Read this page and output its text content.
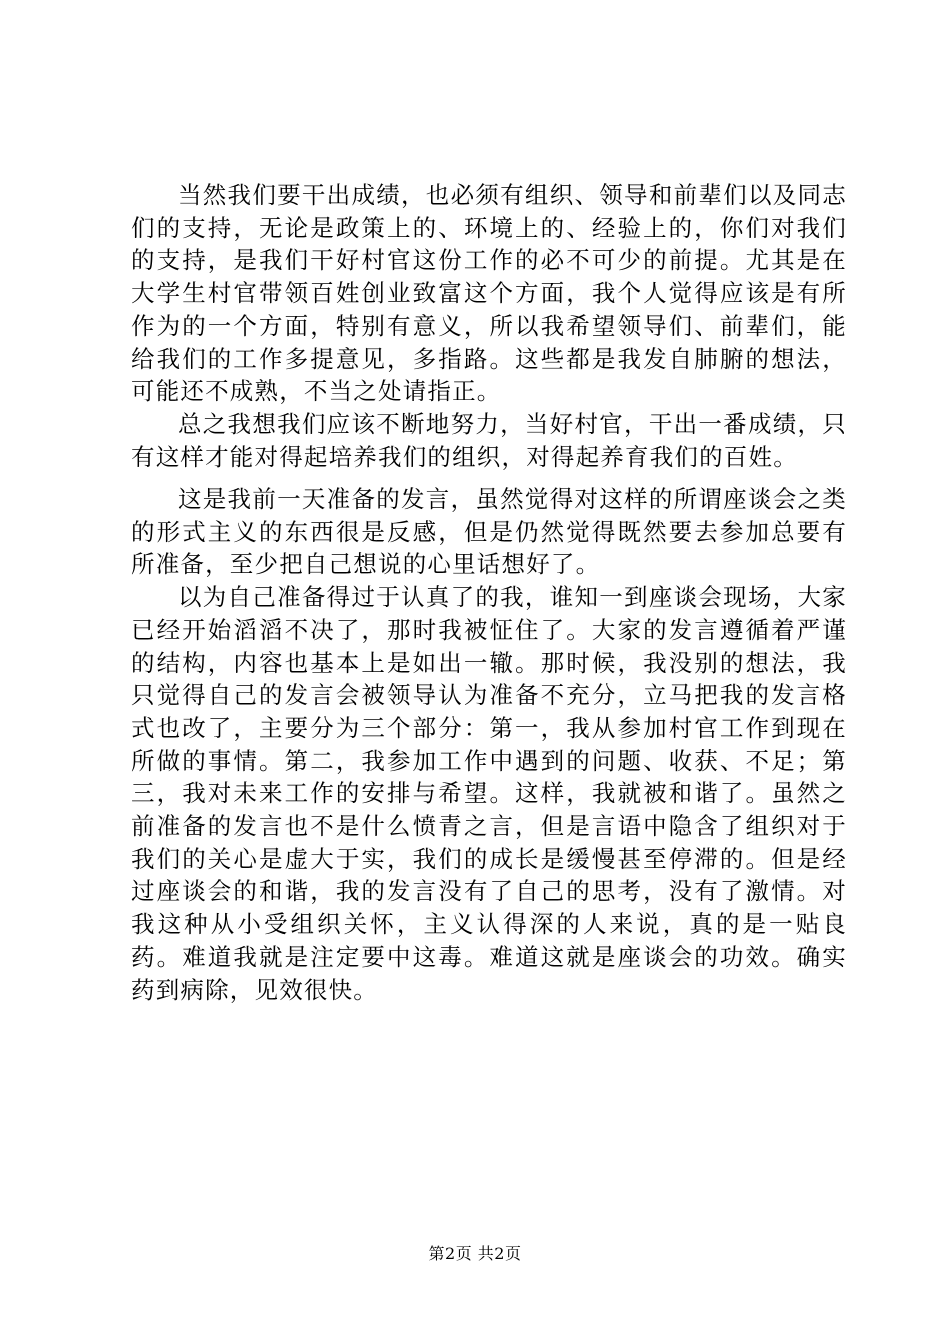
当然我们要干出成绩，也必须有组织、领导和前辈们以及同志们的支持，无论是政策上的、环境上的、经验上的，你们对我们的支持，是我们干好村官这份工作的必不可少的前提。尤其是在大学生村官带领百姓创业致富这个方面，我个人觉得应该是有所作为的一个方面，特别有意义，所以我希望领导们、前辈们，能给我们的工作多提意见，多指路。这些都是我发自肺腑的想法，可能还不成熟，不当之处请指正。

总之我想我们应该不断地努力，当好村官，干出一番成绩，只有这样才能对得起培养我们的组织，对得起养育我们的百姓。

这是我前一天准备的发言，虽然觉得对这样的所谓座谈会之类的形式主义的东西很是反感，但是仍然觉得既然要去参加总要有所准备，至少把自己想说的心里话想好了。

以为自己准备得过于认真了的我，谁知一到座谈会现场，大家已经开始滔滔不决了，那时我被怔住了。大家的发言遵循着严谨的结构，内容也基本上是如出一辙。那时候，我没别的想法，我只觉得自己的发言会被领导认为准备不充分，立马把我的发言格式也改了，主要分为三个部分：第一，我从参加村官工作到现在所做的事情。第二，我参加工作中遇到的问题、收获、不足；第三，我对未来工作的安排与希望。这样，我就被和谐了。虽然之前准备的发言也不是什么愤青之言，但是言语中隐含了组织对于我们的关心是虚大于实，我们的成长是缓慢甚至停滞的。但是经过座谈会的和谐，我的发言没有了自己的思考，没有了激情。对我这种从小受组织关怀，主义认得深的人来说，真的是一贴良药。难道我就是注定要中这毒。难道这就是座谈会的功效。确实药到病除，见效很快。

第2页 共2页
